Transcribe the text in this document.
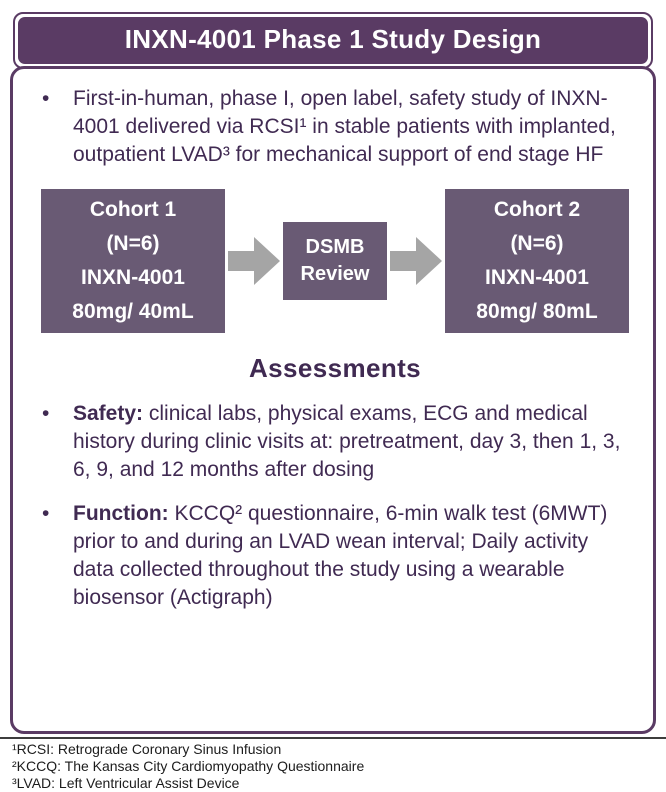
INXN-4001 Phase 1 Study Design
•	First-in-human, phase I, open label, safety study of INXN-4001 delivered via RCSI¹ in stable patients with implanted, outpatient LVAD³ for mechanical support of end stage HF
Cohort 1
(N=6)
INXN-4001
80mg/ 40mL
DSMB
Review
Cohort 2
(N=6)
INXN-4001
80mg/ 80mL
Assessments
•	Safety: clinical labs, physical exams, ECG and medical history during clinic visits at: pretreatment, day 3, then 1, 3, 6, 9, and 12 months after dosing
•	Function: KCCQ² questionnaire, 6-min walk test (6MWT) prior to and during an LVAD wean interval; Daily activity data collected throughout the study using a wearable biosensor (Actigraph)
¹RCSI: Retrograde Coronary Sinus Infusion
²KCCQ: The Kansas City Cardiomyopathy Questionnaire
³LVAD: Left Ventricular Assist Device
